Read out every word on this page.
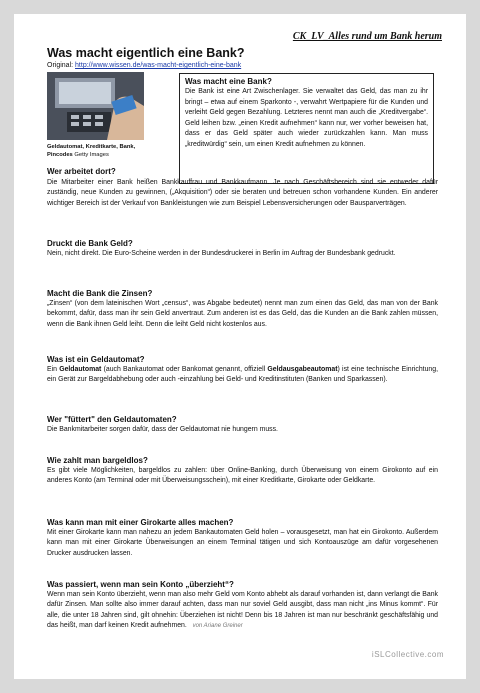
CK_LV_Alles rund um Bank herum
Was macht eigentlich eine Bank?
Original: http://www.wissen.de/was-macht-eigentlich-eine-bank
Geldautomat, Kreditkarte, Bank, Pincodes Getty Images
Was macht eine Bank?
Die Bank ist eine Art Zwischenlager. Sie verwaltet das Geld, das man zu ihr bringt – etwa auf einem Sparkonto -, verwahrt Wertpapiere für die Kunden und verleiht Geld gegen Bezahlung. Letzteres nennt man auch die „Kreditvergabe“. Geld leihen bzw. „einen Kredit aufnehmen“ kann nur, wer vorher beweisen hat, dass er das Geld später auch wieder zurückzahlen kann. Man muss „kreditwürdig“ sein, um einen Kredit aufnehmen zu können.
Wer arbeitet dort?

Die Mitarbeiter einer Bank heißen Bankkauffrau und Bankkaufmann. Je nach Geschäftsbereich sind sie entweder dafür zuständig, neue Kunden zu gewinnen, („Akquisition“) oder sie beraten und betreuen schon vorhandene Kunden. Ein anderer wichtiger Bereich ist der Verkauf von Bankleistungen wie zum Beispiel Lebensversicherungen oder Bausparverträgen.

Druckt die Bank Geld?

Nein, nicht direkt. Die Euro-Scheine werden in der Bundesdruckerei in Berlin im Auftrag der Bundesbank gedruckt.

Macht die Bank die Zinsen?

„Zinsen“ (von dem lateinischen Wort „census“, was Abgabe bedeutet) nennt man zum einen das Geld, das man von der Bank bekommt, dafür, dass man ihr sein Geld anvertraut. Zum anderen ist es das Geld, das die Kunden an die Bank zahlen müssen, wenn die Bank ihnen Geld leiht. Denn die leiht Geld nicht kostenlos aus.

Was ist ein Geldautomat?

Ein Geldautomat (auch Bankautomat oder Bankomat genannt, offiziell Geldausgabeautomat) ist eine technische Einrichtung, ein Gerät zur Bargeldabhebung oder auch -einzahlung bei Geld- und Kreditinstituten (Banken und Sparkassen).

Wer "füttert" den Geldautomaten?

Die Bankmitarbeiter sorgen dafür, dass der Geldautomat nie hungern muss.

Wie zahlt man bargeldlos?

Es gibt viele Möglichkeiten, bargeldlos zu zahlen: über Online-Banking, durch Überweisung von einem Girokonto auf ein anderes Konto (am Terminal oder mit Überweisungsschein), mit einer Kreditkarte, Girokarte oder Geldkarte.

Was kann man mit einer Girokarte alles machen?

Mit einer Girokarte kann man nahezu an jedem Bankautomaten Geld holen – vorausgesetzt, man hat ein Girokonto. Außerdem kann man mit einer Girokarte Überweisungen an einem Terminal tätigen und sich Kontoauszüge am dafür vorgesehenen Drucker ausdrucken lassen.

Was passiert, wenn man sein Konto „überzieht“?

Wenn man sein Konto überzieht, wenn man also mehr Geld vom Konto abhebt als darauf vorhanden ist, dann verlangt die Bank dafür Zinsen. Man sollte also immer darauf achten, dass man nur soviel Geld ausgibt, dass man nicht „ins Minus kommt“. Für alle, die unter 18 Jahren sind, gilt ohnehin: Überziehen ist nicht! Denn bis 18 Jahren ist man nur beschränkt geschäftsfähig und das heißt, man darf keinen Kredit aufnehmen. von Ariane Greiner

iSLCollective.com
